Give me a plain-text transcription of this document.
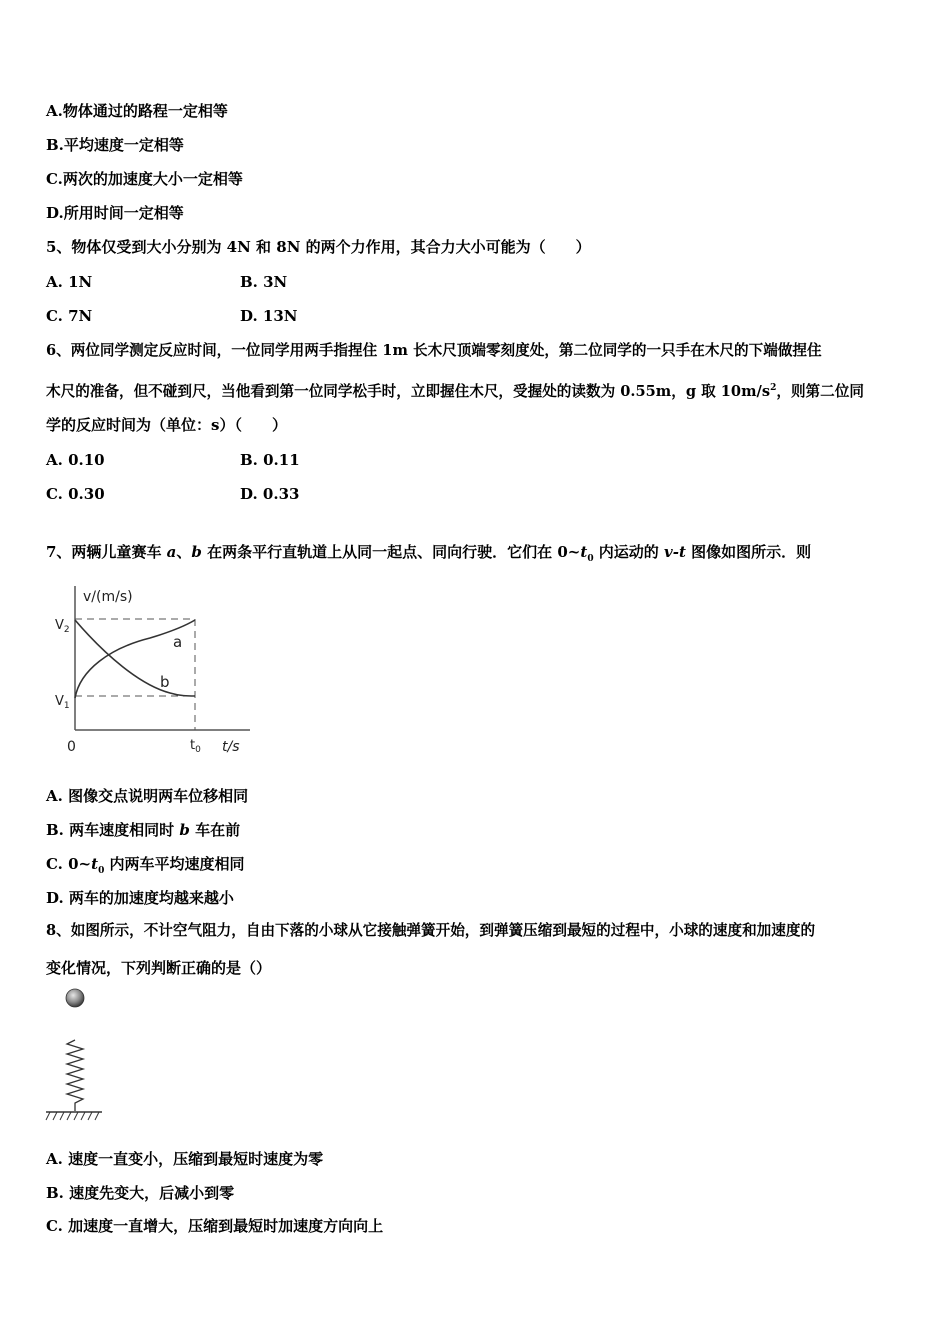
A.物体通过的路程一定相等
B.平均速度一定相等
C.两次的加速度大小一定相等
D.所用时间一定相等
5、物体仅受到大小分别为 4N 和 8N 的两个力作用，其合力大小可能为（　　）
A. 1N	B. 3N
C. 7N	D. 13N
6、两位同学测定反应时间，一位同学用两手指捏住 1m 长木尺顶端零刻度处，第二位同学的一只手在木尺的下端做捏住
木尺的准备，但不碰到尺，当他看到第一位同学松手时，立即握住木尺，受握处的读数为 0.55m，g 取 $10m/s^2$，则第二位同
学的反应时间为（单位：s）（　　）
A. 0.10	B. 0.11
C. 0.30	D. 0.33
7、两辆儿童赛车 a、b 在两条平行直轨道上从同一起点、同向行驶．它们在 $0\sim t_0$ 内运动的 v-t 图像如图所示．则
v/(m/s)
$V_2$
$V_1$
0	$t_0$ t/s
a
b
A. 图像交点说明两车位移相同
B. 两车速度相同时 b 车在前
C. $0\sim t_0$ 内两车平均速度相同
D. 两车的加速度均越来越小
8、如图所示，不计空气阻力，自由下落的小球从它接触弹簧开始，到弹簧压缩到最短的过程中，小球的速度和加速度的
变化情况，下列判断正确的是（）
A. 速度一直变小，压缩到最短时速度为零
B. 速度先变大，后减小到零
C. 加速度一直增大，压缩到最短时加速度方向向上
